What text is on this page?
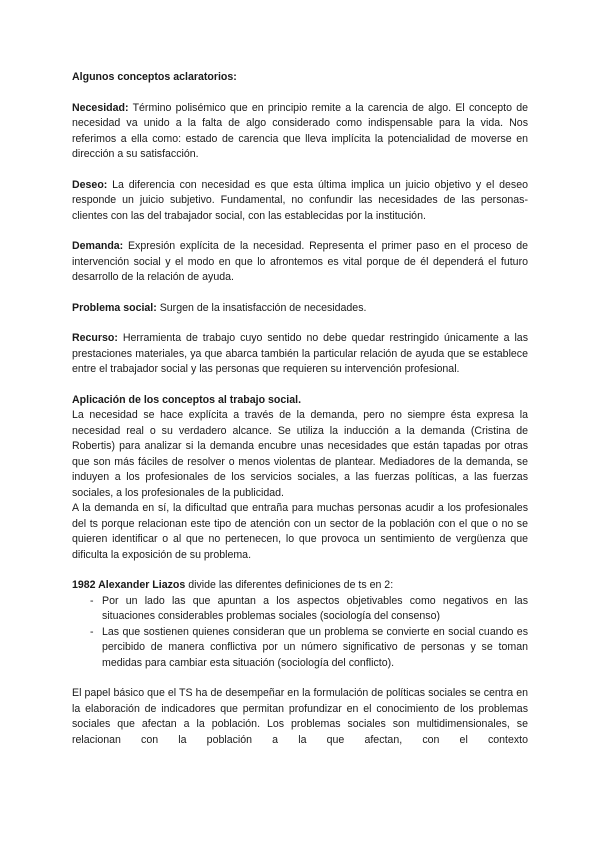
Algunos conceptos aclaratorios:

Necesidad: Término polisémico que en principio remite a la carencia de algo. El concepto de necesidad va unido a la falta de algo considerado como indispensable para la vida. Nos referimos a ella como: estado de carencia que lleva implícita la potencialidad de moverse en dirección a su satisfacción.

Deseo: La diferencia con necesidad es que esta última implica un juicio objetivo y el deseo responde un juicio subjetivo. Fundamental, no confundir las necesidades de las personas-clientes con las del trabajador social, con las establecidas por la institución.

Demanda: Expresión explícita de la necesidad. Representa el primer paso en el proceso de intervención social y el modo en que lo afrontemos es vital porque de él dependerá el futuro desarrollo de la relación de ayuda.

Problema social: Surgen de la insatisfacción de necesidades.

Recurso: Herramienta de trabajo cuyo sentido no debe quedar restringido únicamente a las prestaciones materiales, ya que abarca también la particular relación de ayuda que se establece entre el trabajador social y las personas que requieren su intervención profesional.

Aplicación de los conceptos al trabajo social.

La necesidad se hace explícita a través de la demanda, pero no siempre ésta expresa la necesidad real o su verdadero alcance. Se utiliza la inducción a la demanda (Cristina de Robertis) para analizar si la demanda encubre unas necesidades que están tapadas por otras que son más fáciles de resolver o menos violentas de plantear. Mediadores de la demanda, se induyen a los profesionales de los servicios sociales, a las fuerzas políticas, a las fuerzas sociales, a los profesionales de la publicidad.

A la demanda en sí, la dificultad que entraña para muchas personas acudir a los profesionales del ts porque relacionan este tipo de atención con un sector de la población con el que o no se quieren identificar o al que no pertenecen, lo que provoca un sentimiento de vergüenza que dificulta la exposición de su problema.

1982 Alexander Liazos divide las diferentes definiciones de ts en 2:
- Por un lado las que apuntan a los aspectos objetivables como negativos en las situaciones considerables problemas sociales (sociología del consenso)
- Las que sostienen quienes consideran que un problema se convierte en social cuando es percibido de manera conflictiva por un número significativo de personas y se toman medidas para cambiar esta situación (sociología del conflicto).

El papel básico que el TS ha de desempeñar en la formulación de políticas sociales se centra en la elaboración de indicadores que permitan profundizar en el conocimiento de los problemas sociales que afectan a la población. Los problemas sociales son multidimensionales, se relacionan con la población a la que afectan, con el contexto
